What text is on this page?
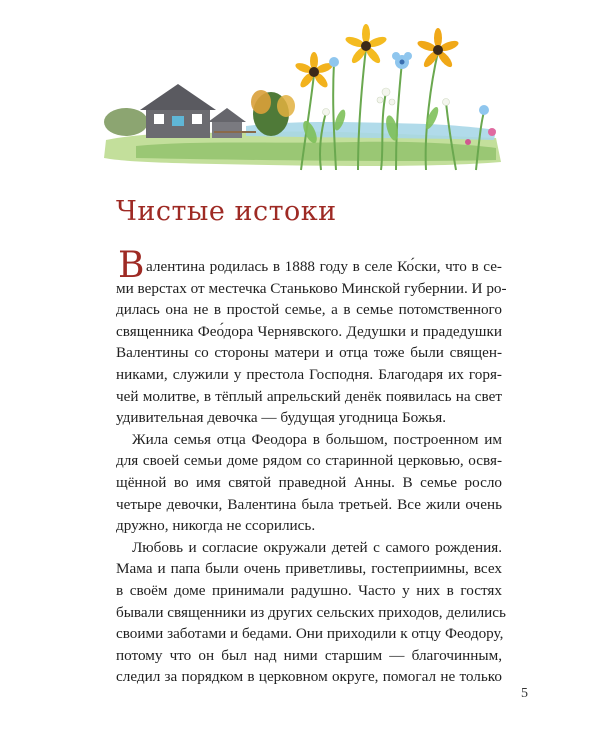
Чистые истоки
В алентина родилась в 1888 году в селе Ко́ски, что в се-
ми верстах от местечка Станьково Минской губернии. И ро-
дилась она не в простой семье, а в семье потомственного
священника Фео́дора Чернявского. Дедушки и прадедушки
Валентины со стороны матери и отца тоже были священ-
никами, служили у престола Господня. Благодаря их горя-
чей молитве, в тёплый апрельский денёк появилась на свет
удивительная девочка — будущая угодница Божья.
Жила семья отца Феодора в большом, построенном им
для своей семьи доме рядом со старинной церковью, освя-
щённой во имя святой праведной Анны. В семье росло
четыре девочки, Валентина была третьей. Все жили очень
дружно, никогда не ссорились.
Любовь и согласие окружали детей с самого рождения.
Мама и папа были очень приветливы, гостеприимны, всех
в своём доме принимали радушно. Часто у них в гостях
бывали священники из других сельских приходов, делились
своими заботами и бедами. Они приходили к отцу Феодору,
потому что он был над ними старшим — благочинным,
следил за порядком в церковном округе, помогал не только
5
